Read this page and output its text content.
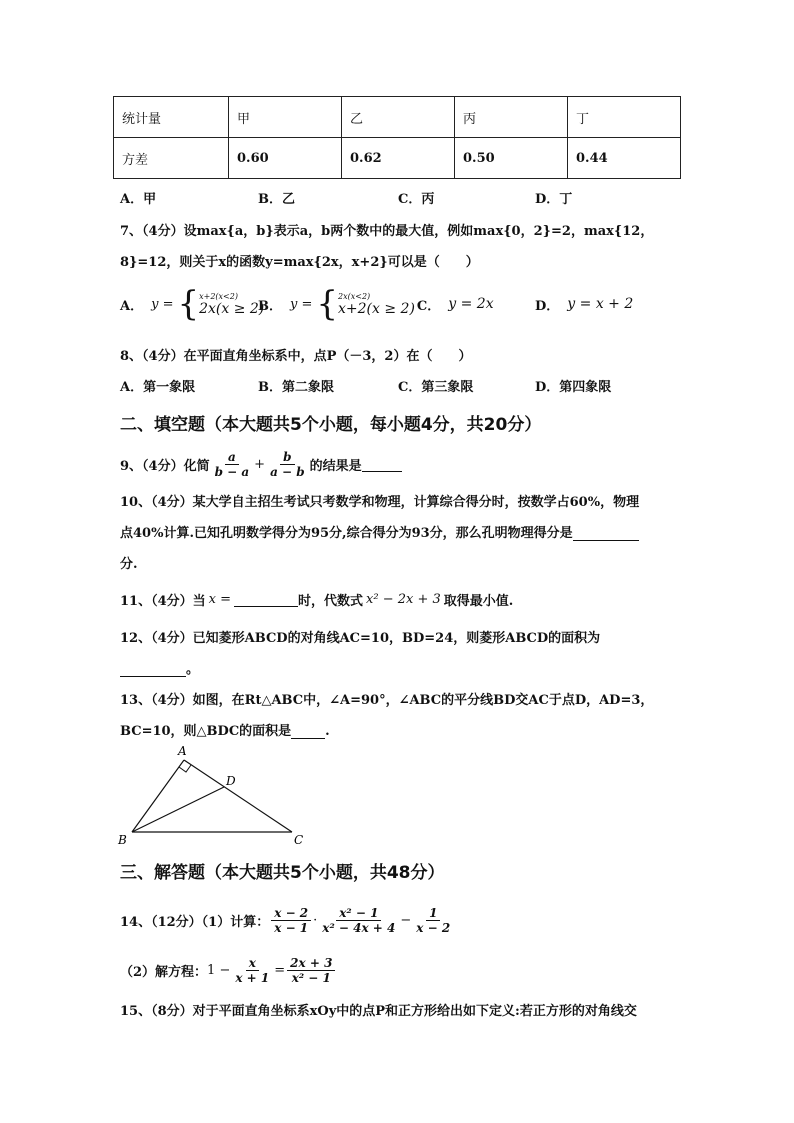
统计量	甲	乙	丙	丁
方差	0.60	0.62	0.50	0.44
A．甲	B．乙	C．丙	D．丁
7、（4分）设max{a，b}表示a，b两个数中的最大值，例如max{0，2}=2，max{12，
8}=12，则关于x的函数y=max{2x，x+2}可以是（　　）
A． y = { x+2(x<2)
2x(x ≥ 2)
B． y = { 2x(x<2)
x+2(x ≥ 2) C． y = 2x	D． y = x + 2
8、（4分）在平面直角坐标系中，点P（－3，2）在（　　）
A．第一象限	B．第二象限	C．第三象限	D．第四象限
二、填空题（本大题共5个小题，每小题4分，共20分）
9、（4分）化简 $\frac{a}{b - a} + \frac{b}{a - b}$ 的结果是
10、（4分）某大学自主招生考试只考数学和物理，计算综合得分时，按数学占60%，物理
点40%计算.已知孔明数学得分为95分,综合得分为93分，那么孔明物理得分是
分.
11、（4分）当 x =	时，代数式 x² − 2x + 3 取得最小值.
12、（4分）已知菱形ABCD的对角线AC=10，BD=24，则菱形ABCD的面积为
。
13、（4分）如图，在Rt△ABC中，∠A=90°，∠ABC的平分线BD交AC于点D，AD=3，
BC=10，则△BDC的面积是	.
A
B	C
D
三、解答题（本大题共5个小题，共48分）
14、（12分）（1）计算： $\frac{x - 2}{x - 1} \cdot \frac{\text{x² − 1}}{\text{x² − 4x + 4}} - \frac{1}{x - 2}$
（2）解方程： $1 - \frac{x}{x + 1} = \frac{2x + 3}{\text{x² − 1}}$
15、（8分）对于平面直角坐标系xOy中的点P和正方形给出如下定义:若正方形的对角线交
